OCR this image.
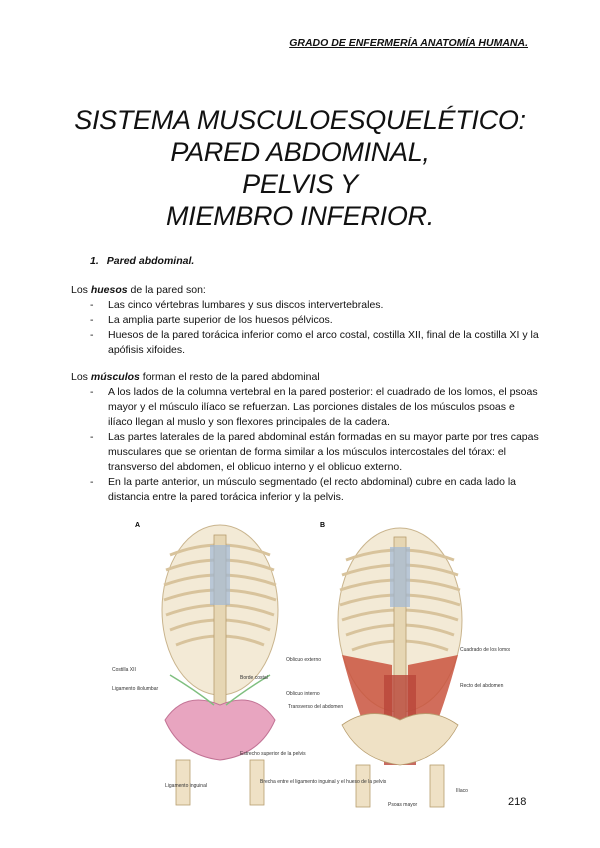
GRADO DE ENFERMERÍA ANATOMÍA HUMANA.
SISTEMA MUSCULOESQUELÉTICO:
PARED ABDOMINAL,
PELVIS Y
MIEMBRO INFERIOR.
1. Pared abdominal.
Los huesos de la pared son:
- Las cinco vértebras lumbares y sus discos intervertebrales.
- La amplia parte superior de los huesos pélvicos.
- Huesos de la pared torácica inferior como el arco costal, costilla XII, final de la costilla XI y la apófisis xifoides.
Los músculos forman el resto de la pared abdominal
- A los lados de la columna vertebral en la pared posterior: el cuadrado de los lomos, el psoas mayor y el músculo ilíaco se refuerzan. Las porciones distales de los músculos psoas e ilíaco llegan al muslo y son flexores principales de la cadera.
- Las partes laterales de la pared abdominal están formadas en su mayor parte por tres capas musculares que se orientan de forma similar a los músculos intercostales del tórax: el transverso del abdomen, el oblicuo interno y el oblicuo externo.
- En la parte anterior, un músculo segmentado (el recto abdominal) cubre en cada lado la distancia entre la pared torácica inferior y la pelvis.
A
Costilla XII
Ligamento iliolumbar
Borde costal
Estrecho superior de la pelvis
Ligamento inguinal
B
Oblicuo externo
Oblicuo interno
Transverso del abdomen
Cuadrado de los lomos
Recto del abdomen
Ilíaco
Psoas mayor
Brecha entre el ligamento inguinal y el hueso de la pelvis
218
